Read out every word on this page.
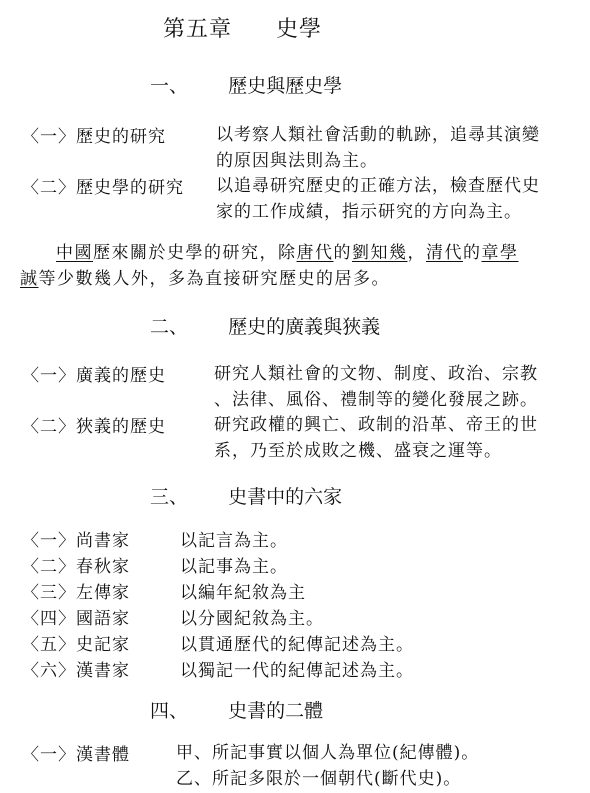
第五章 史學
一、 歷史與歷史學
〈一〉歷史的研究	以考察人類社會活動的軌跡，追尋其演變
的原因與法則為主。
〈二〉歷史學的研究 以追尋研究歷史的正確方法，檢查歷代史
家的工作成績，指示研究的方向為主。
中國歷來關於史學的研究，除唐代的劉知幾，清代的章學
誠等少數幾人外，多為直接研究歷史的居多。
二、 歷史的廣義與狹義
〈一〉廣義的歷史	研究人類社會的文物、制度、政治、宗教
、法律、風俗、禮制等的變化發展之跡。
〈二〉狹義的歷史	研究政權的興亡、政制的沿革、帝王的世
系，乃至於成敗之機、盛衰之運等。
三、 史書中的六家
〈一〉尚書家	以記言為主。
〈二〉春秋家	以記事為主。
〈三〉左傳家	以編年紀敘為主
〈四〉國語家	以分國紀敘為主。
〈五〉史記家	以貫通歷代的紀傳記述為主。
〈六〉漢書家	以獨記一代的紀傳記述為主。
四、 史書的二體
〈一〉漢書體	甲、所記事實以個人為單位(紀傳體)。
乙、所記多限於一個朝代(斷代史)。
